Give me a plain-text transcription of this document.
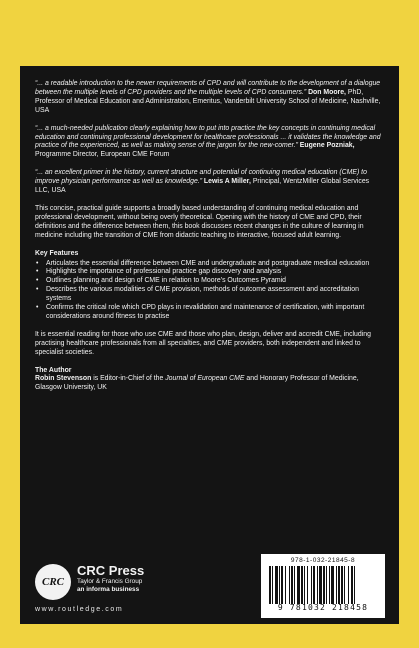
“... a readable introduction to the newer requirements of CPD and will contribute to the development of a dialogue between the multiple levels of CPD providers and the multiple levels of CPD consumers.” Don Moore, PhD, Professor of Medical Education and Administration, Emeritus, Vanderbilt University School of Medicine, Nashville, USA

“... a much-needed publication clearly explaining how to put into practice the key concepts in continuing medical education and continuing professional development for healthcare professionals ... it validates the knowledge and practice of the experienced, as well as making sense of the jargon for the new-comer.” Eugene Pozniak, Programme Director, European CME Forum

“... an excellent primer in the history, current structure and potential of continuing medical education (CME) to improve physician performance as well as knowledge.” Lewis A Miller, Principal, WentzMiller Global Services LLC, USA

This concise, practical guide supports a broadly based understanding of continuing medical education and professional development, without being overly theoretical. Opening with the history of CME and CPD, their definitions and the difference between them, this book discusses recent changes in the culture of learning in medicine including the transition of CME from didactic teaching to interactive, focused adult learning.

Key Features
• Articulates the essential difference between CME and undergraduate and postgraduate medical education
• Highlights the importance of professional practice gap discovery and analysis
• Outlines planning and design of CME in relation to Moore’s Outcomes Pyramid
• Describes the various modalities of CME provision, methods of outcome assessment and accreditation systems
• Confirms the critical role which CPD plays in revalidation and maintenance of certification, with important considerations around fitness to practise

It is essential reading for those who use CME and those who plan, design, deliver and accredit CME, including practising healthcare professionals from all specialties, and CME providers, both independent and linked to specialist societies.

The Author

Robin Stevenson is Editor-in-Chief of the Journal of European CME and Honorary Professor of Medicine, Glasgow University, UK

CRC
CRC Press
Taylor & Francis Group
an informa business
www.routledge.com
978-1-032-21845-8
9 781032 218458
